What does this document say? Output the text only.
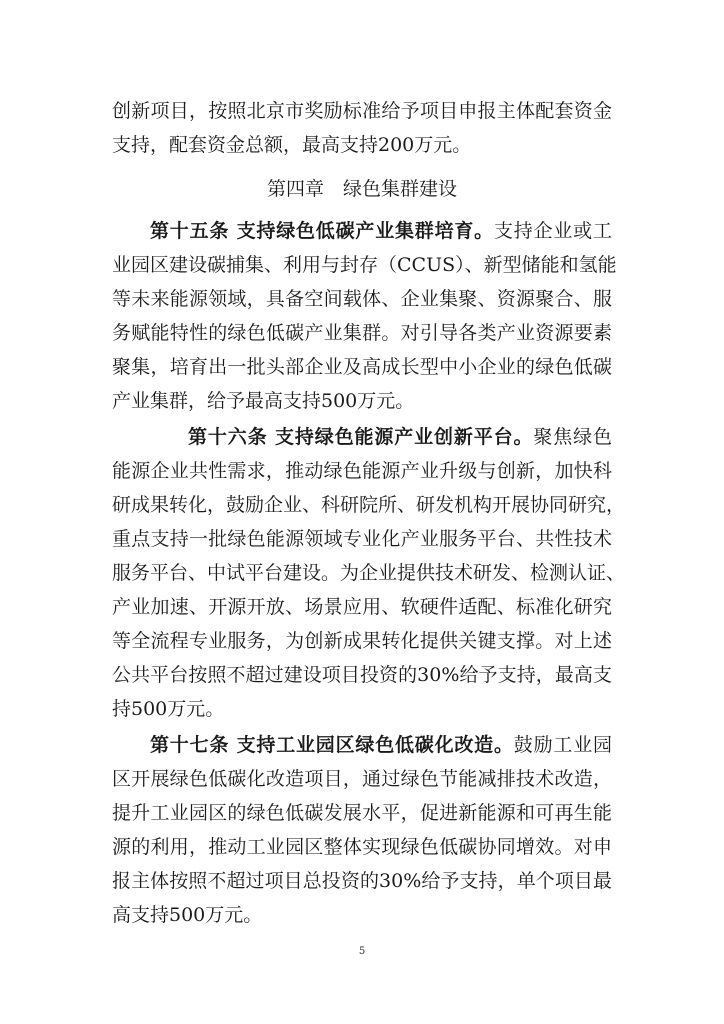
创新项目，按照北京市奖励标准给予项目申报主体配套资金
支持，配套资金总额，最高支持200万元。
第四章　绿色集群建设
第十五条 支持绿色低碳产业集群培育。支持企业或工
业园区建设碳捕集、利用与封存（CCUS）、新型储能和氢能
等未来能源领域，具备空间载体、企业集聚、资源聚合、服
务赋能特性的绿色低碳产业集群。对引导各类产业资源要素
聚集，培育出一批头部企业及高成长型中小企业的绿色低碳
产业集群，给予最高支持500万元。
第十六条 支持绿色能源产业创新平台。聚焦绿色
能源企业共性需求，推动绿色能源产业升级与创新，加快科
研成果转化，鼓励企业、科研院所、研发机构开展协同研究，
重点支持一批绿色能源领域专业化产业服务平台、共性技术
服务平台、中试平台建设。为企业提供技术研发、检测认证、
产业加速、开源开放、场景应用、软硬件适配、标准化研究
等全流程专业服务，为创新成果转化提供关键支撑。对上述
公共平台按照不超过建设项目投资的30%给予支持，最高支
持500万元。
第十七条 支持工业园区绿色低碳化改造。鼓励工业园
区开展绿色低碳化改造项目，通过绿色节能减排技术改造，
提升工业园区的绿色低碳发展水平，促进新能源和可再生能
源的利用，推动工业园区整体实现绿色低碳协同增效。对申
报主体按照不超过项目总投资的30%给予支持，单个项目最
高支持500万元。
5
